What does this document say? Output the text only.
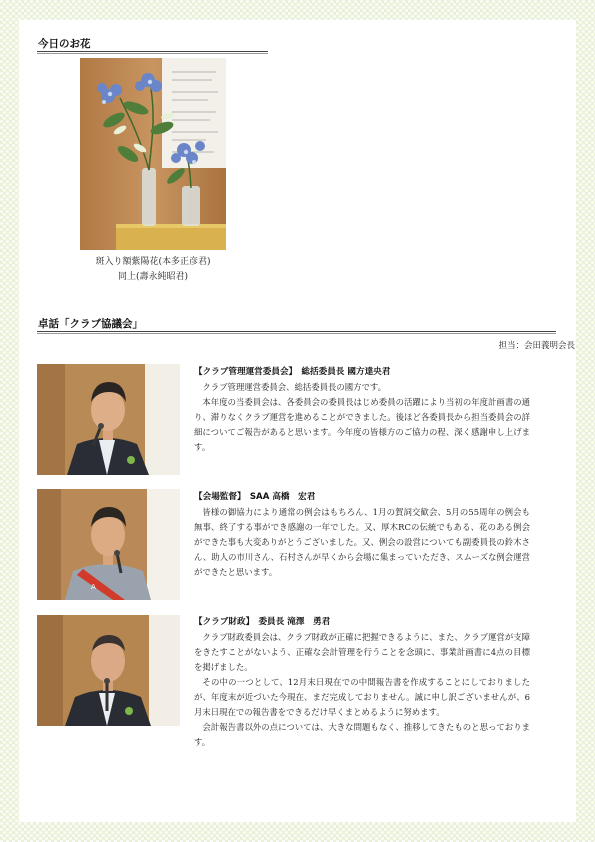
今日のお花
斑入り額紫陽花(本多正彦君)
同上(壽永純昭君)
卓話「クラブ協議会」
担当：会田義明会長
【クラブ管理運営委員会】　総括委員長 國方達央君

クラブ管理運営委員会、総括委員長の國方です。

本年度の当委員会は、各委員会の委員長はじめ委員の活躍により当初の年度計画書の通り、滞りなくクラブ運営を進めることができました。後ほど各委員長から担当委員会の詳細についてご報告があると思います。今年度の皆様方のご協力の程、深く感謝申し上げます。

A
【会場監督】　SAA 高橋　宏君

皆様の御協力により通常の例会はもちろん、1月の賀詞交歓会、5月の55周年の例会も無事、終了する事ができ感謝の一年でした。又、厚木RCの伝統でもある、花のある例会ができた事も大変ありがとうございました。又、例会の設営についても副委員長の鈴木さん、助人の市川さん、石村さんが早くから会場に集まっていただき、スムーズな例会運営ができたと思います。

【クラブ財政】　委員長 滝澤　勇君

クラブ財政委員会は、クラブ財政が正確に把握できるように、また、クラブ運営が支障をきたすことがないよう、正確な会計管理を行うことを念頭に、事業計画書に4点の目標を掲げました。

その中の一つとして、12月末日現在での中間報告書を作成することにしておりましたが、年度末が近づいた今現在、まだ完成しておりません。誠に申し訳ございませんが、6月末日現在での報告書をできるだけ早くまとめるように努めます。

会計報告書以外の点については、大きな問題もなく、推移してきたものと思っております。
